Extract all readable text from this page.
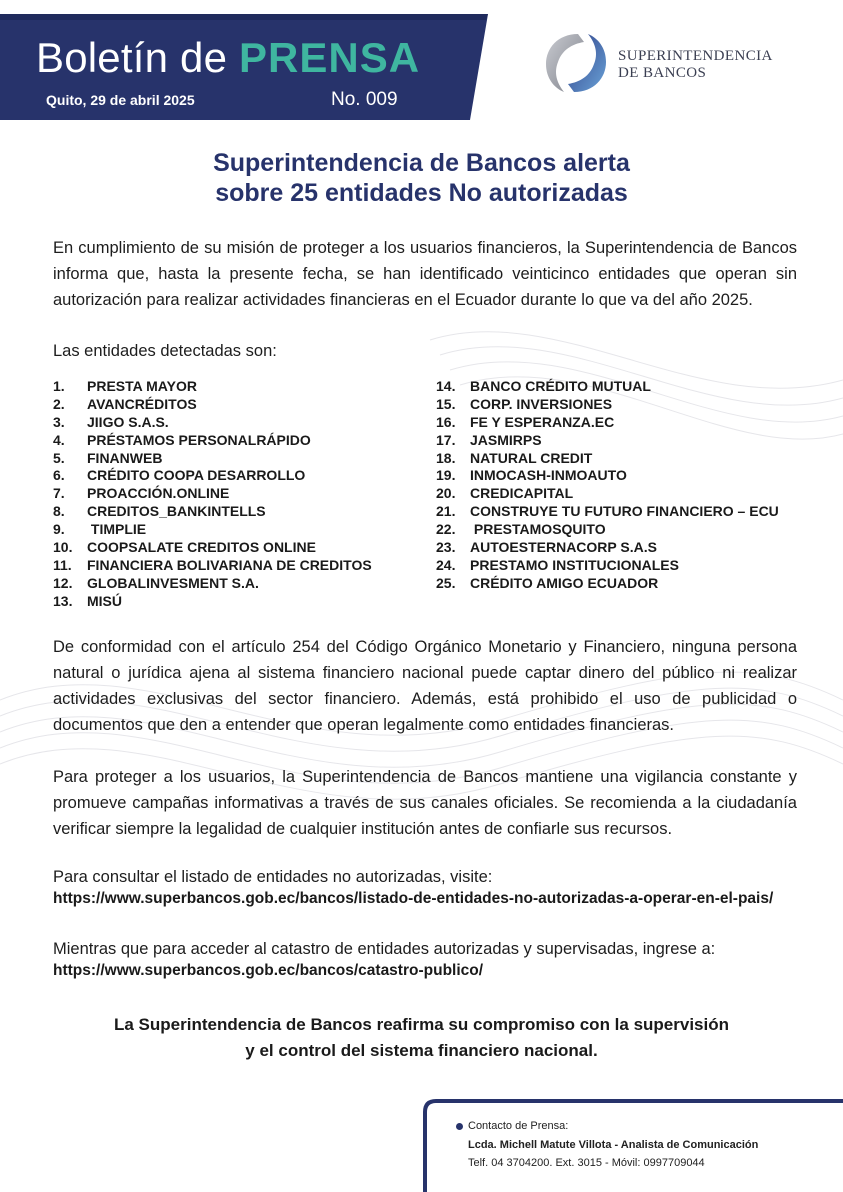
Boletín de PRENSA
Quito, 29 de abril 2025	No. 009
SUPERINTENDENCIA
DE BANCOS
Superintendencia de Bancos alerta
sobre 25 entidades No autorizadas
En cumplimiento de su misión de proteger a los usuarios financieros, la Superintendencia de Bancos informa que, hasta la presente fecha, se han identificado veinticinco entidades que operan sin autorización para realizar actividades financieras en el Ecuador durante lo que va del año 2025.
Las entidades detectadas son:
1. PRESTA MAYOR
2. AVANCRÉDITOS
3. JIIGO S.A.S.
4. PRÉSTAMOS PERSONALRÁPIDO
5. FINANWEB
6. CRÉDITO COOPA DESARROLLO
7. PROACCIÓN.ONLINE
8. CREDITOS_BANKINTELLS
9. TIMPLIE
10. COOPSALATE CREDITOS ONLINE
11. FINANCIERA BOLIVARIANA DE CREDITOS
12. GLOBALINVESMENT S.A.
13. MISÚ
14. BANCO CRÉDITO MUTUAL
15. CORP. INVERSIONES
16. FE Y ESPERANZA.EC
17. JASMIRPS
18. NATURAL CREDIT
19. INMOCASH-INMOAUTO
20. CREDICAPITAL
21. CONSTRUYE TU FUTURO FINANCIERO – ECU
22. PRESTAMOSQUITO
23. AUTOESTERNACORP S.A.S
24. PRESTAMO INSTITUCIONALES
25. CRÉDITO AMIGO ECUADOR
De conformidad con el artículo 254 del Código Orgánico Monetario y Financiero, ninguna persona natural o jurídica ajena al sistema financiero nacional puede captar dinero del público ni realizar actividades exclusivas del sector financiero. Además, está prohibido el uso de publicidad o documentos que den a entender que operan legalmente como entidades financieras.
Para proteger a los usuarios, la Superintendencia de Bancos mantiene una vigilancia constante y promueve campañas informativas a través de sus canales oficiales. Se recomienda a la ciudadanía verificar siempre la legalidad de cualquier institución antes de confiarle sus recursos.
Para consultar el listado de entidades no autorizadas, visite:
https://www.superbancos.gob.ec/bancos/listado-de-entidades-no-autorizadas-a-operar-en-el-pais/
Mientras que para acceder al catastro de entidades autorizadas y supervisadas, ingrese a:
https://www.superbancos.gob.ec/bancos/catastro-publico/
La Superintendencia de Bancos reafirma su compromiso con la supervisión
y el control del sistema financiero nacional.
Contacto de Prensa:
Lcda. Michell Matute Villota - Analista de Comunicación
Telf. 04 3704200. Ext. 3015 - Móvil: 0997709044
